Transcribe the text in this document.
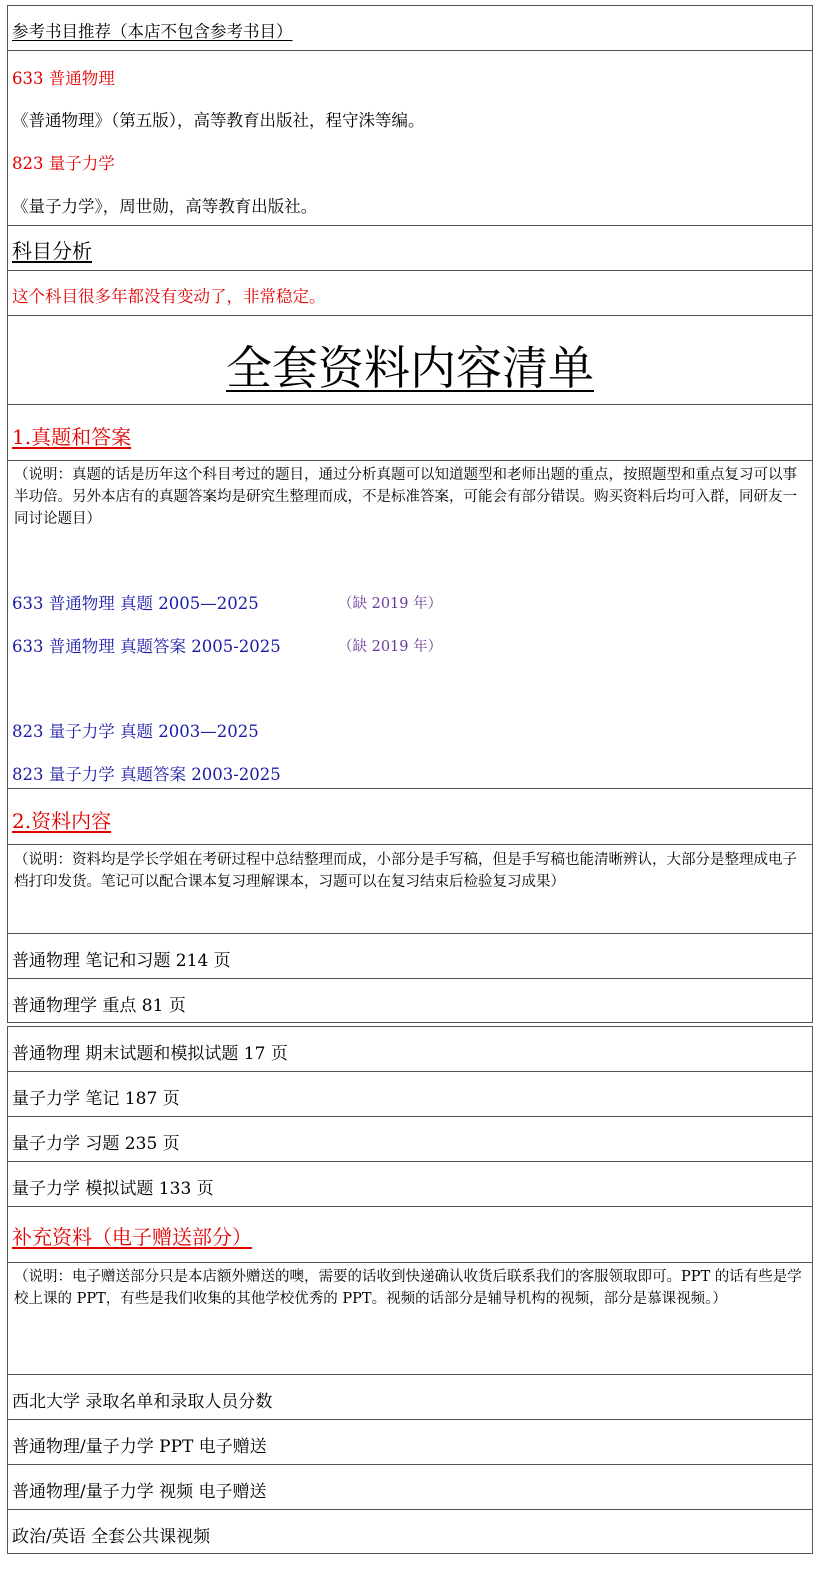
参考书目推荐（本店不包含参考书目）
633 普通物理
《普通物理》（第五版），高等教育出版社，程守洙等编。
823 量子力学
《量子力学》，周世勋，高等教育出版社。
科目分析
这个科目很多年都没有变动了，非常稳定。
全套资料内容清单
1.真题和答案
（说明：真题的话是历年这个科目考过的题目，通过分析真题可以知道题型和老师出题的重点，按照题型和重点复习可以事半功倍。另外本店有的真题答案均是研究生整理而成，不是标准答案，可能会有部分错误。购买资料后均可入群，同研友一同讨论题目）
633 普通物理 真题 2005—2025	（缺 2019 年）
633 普通物理 真题答案 2005-2025	（缺 2019 年）
823 量子力学 真题 2003—2025
823 量子力学 真题答案 2003-2025
2.资料内容
（说明：资料均是学长学姐在考研过程中总结整理而成，小部分是手写稿，但是手写稿也能清晰辨认，大部分是整理成电子档打印发货。笔记可以配合课本复习理解课本，习题可以在复习结束后检验复习成果）
普通物理 笔记和习题 214 页
普通物理学 重点 81 页
普通物理 期末试题和模拟试题 17 页
量子力学 笔记 187 页
量子力学 习题 235 页
量子力学 模拟试题 133 页
补充资料（电子赠送部分）
（说明：电子赠送部分只是本店额外赠送的噢，需要的话收到快递确认收货后联系我们的客服领取即可。PPT 的话有些是学校上课的 PPT，有些是我们收集的其他学校优秀的 PPT。视频的话部分是辅导机构的视频，部分是慕课视频。）
西北大学 录取名单和录取人员分数
普通物理/量子力学 PPT 电子赠送
普通物理/量子力学 视频 电子赠送
政治/英语 全套公共课视频
